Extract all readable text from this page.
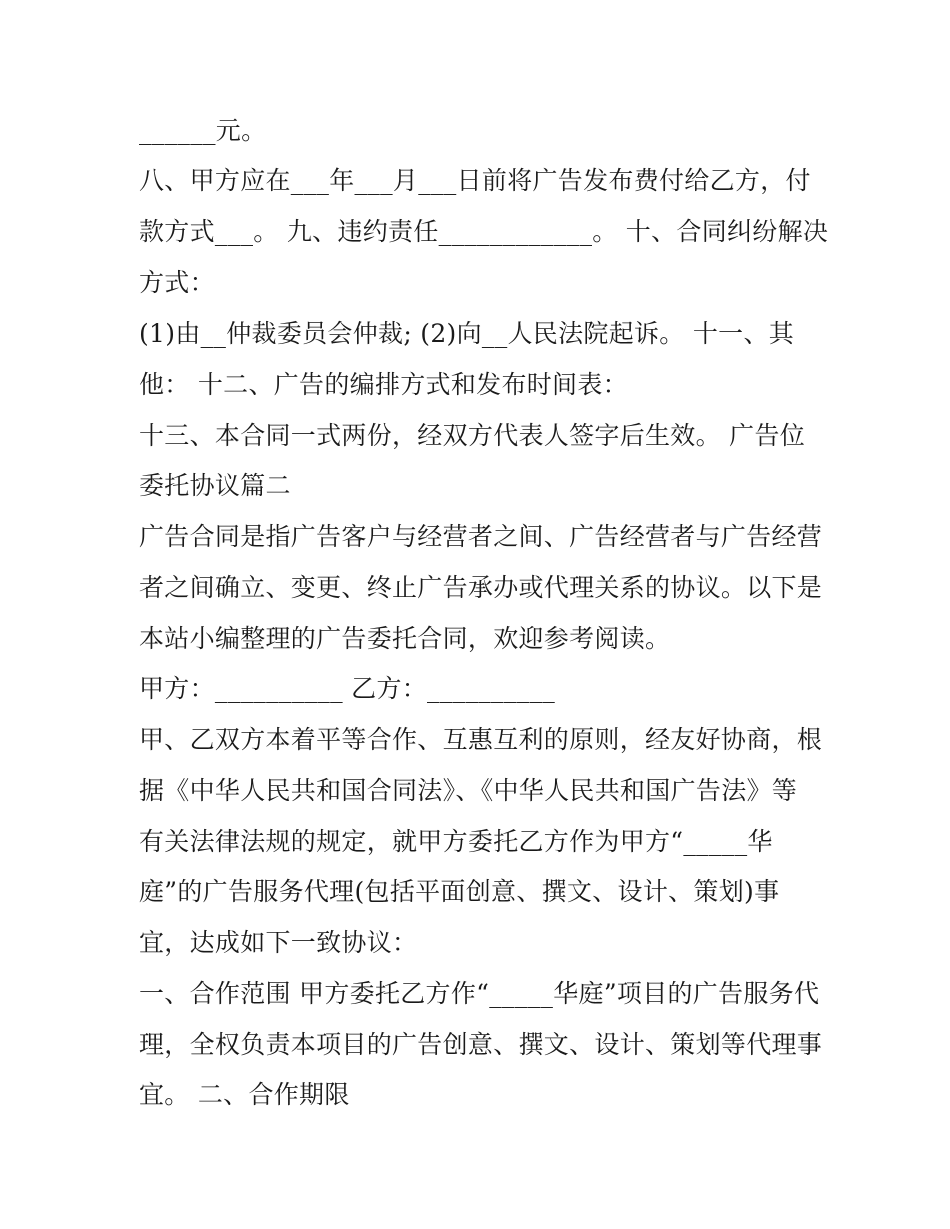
______元。
八、甲方应在___年___月___日前将广告发布费付给乙方，付
款方式___。 九、违约责任____________。 十、合同纠纷解决
方式：
(1)由__仲裁委员会仲裁; (2)向__人民法院起诉。 十一、其
他： 十二、广告的编排方式和发布时间表：
十三、本合同一式两份，经双方代表人签字后生效。 广告位
委托协议篇二
广告合同是指广告客户与经营者之间、广告经营者与广告经营
者之间确立、变更、终止广告承办或代理关系的协议。以下是
本站小编整理的广告委托合同，欢迎参考阅读。
甲方：__________ 乙方：__________
甲、乙双方本着平等合作、互惠互利的原则，经友好协商，根
据《中华人民共和国合同法》、《中华人民共和国广告法》等
有关法律法规的规定，就甲方委托乙方作为甲方“_____华
庭”的广告服务代理(包括平面创意、撰文、设计、策划)事
宜，达成如下一致协议：
一、合作范围 甲方委托乙方作“_____华庭”项目的广告服务代
理，全权负责本项目的广告创意、撰文、设计、策划等代理事
宜。 二、合作期限
